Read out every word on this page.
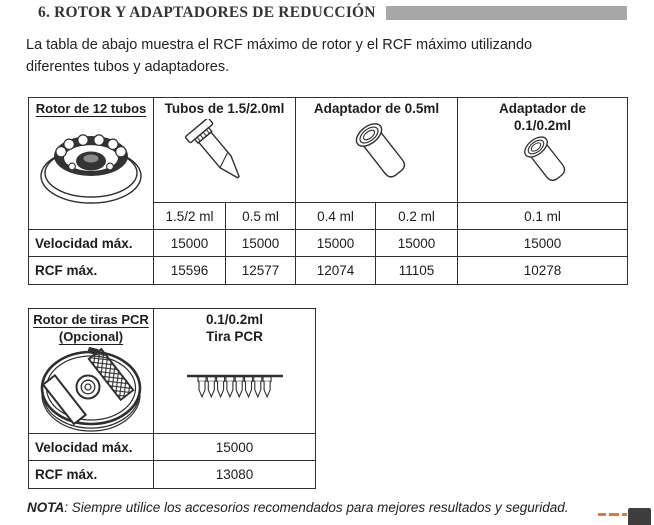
6. ROTOR Y ADAPTADORES DE REDUCCIÓN
La tabla de abajo muestra el RCF máximo de rotor y el RCF máximo utilizando
diferentes tubos y adaptadores.
Rotor de 12 tubos	Tubos de 1.5/2.0ml		Adaptador de 0.5ml		Adaptador de
0.1/0.2ml

	1.5/2 ml	0.5 ml	0.4 ml	0.2 ml	0.1 ml
Velocidad máx.	15000	15000	15000	15000	15000
RCF máx.	15596	12577	12074	11105	10278
Rotor de tiras PCR
(Opcional)	0.1/0.2ml
Tira PCR

Velocidad máx.	15000
RCF máx.	13080
NOTA: Siempre utilice los accesorios recomendados para mejores resultados y seguridad.
